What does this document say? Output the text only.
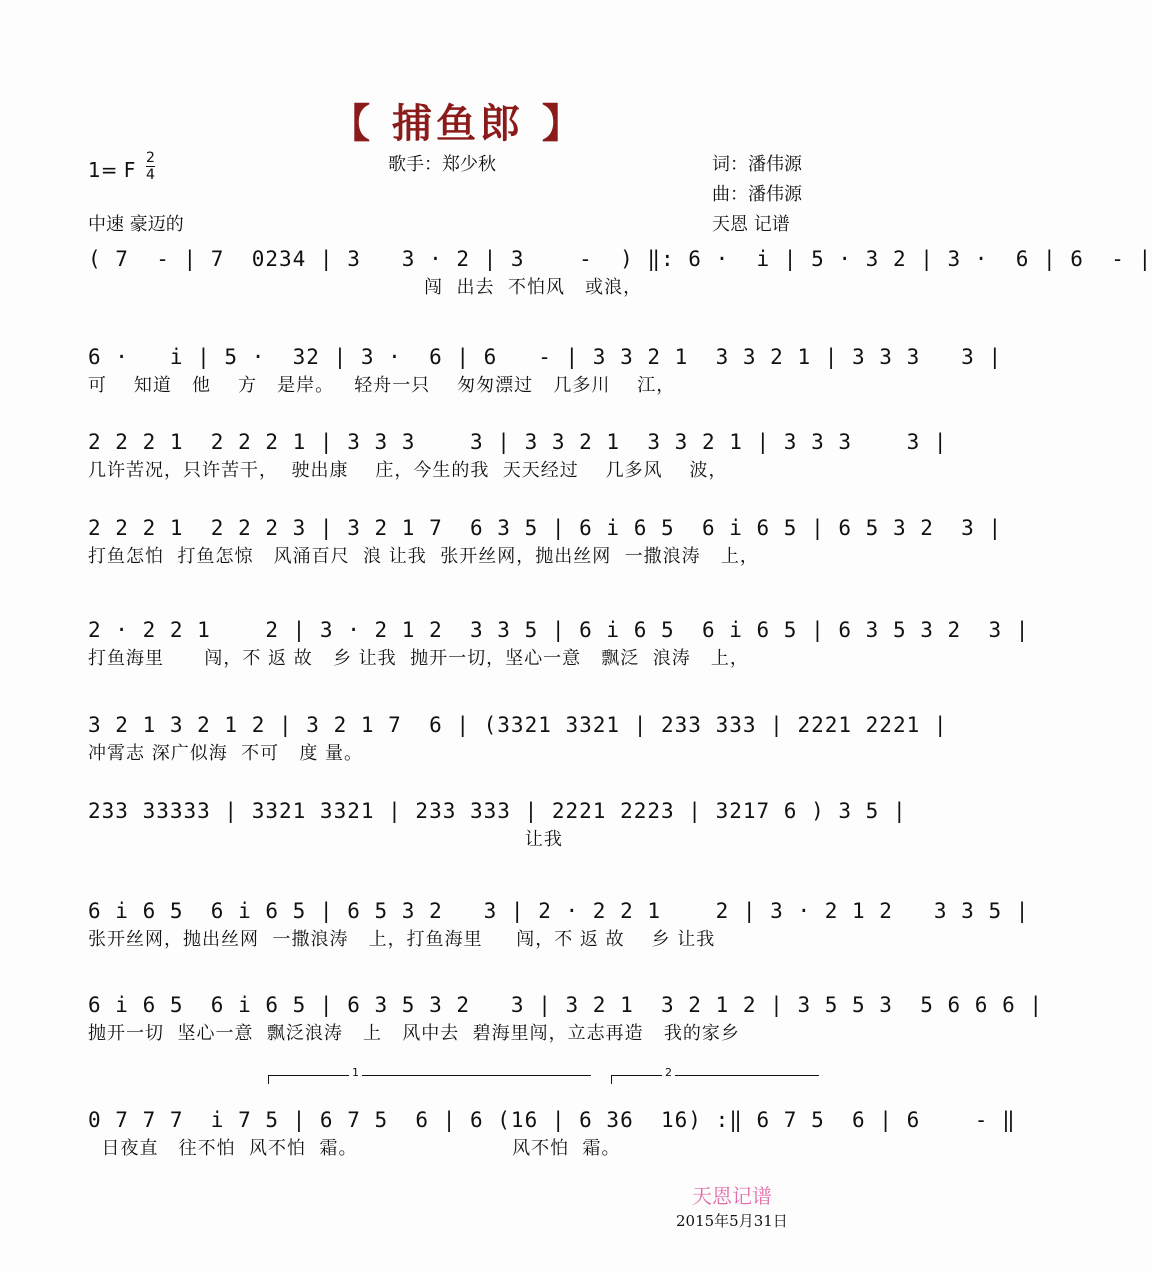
【 捕鱼郎 】
1= F $\frac{2}{4}$	歌手：郑少秋	词：潘伟源
曲：潘伟源
中速 豪迈的	天恩 记谱
( 7  - | 7  0234 | 3   3 · 2 | 3    -  ) ‖: 6 ·  i | 5 · 3 2 | 3 ·  6 | 6  - |
闯  出去  不怕风   或浪，
6 ·   i | 5 ·  32 | 3 ·  6 | 6   - | 3 3 2 1  3 3 2 1 | 3 3 3   3 |
可    知道   他    方   是岸。   轻舟一只    匆匆漂过   几多川    江，
2 2 2 1  2 2 2 1 | 3 3 3    3 | 3 3 2 1  3 3 2 1 | 3 3 3    3 |
几许苦况，只许苦干，  驶出康    庄，今生的我  天天经过    几多风    波，
2 2 2 1  2 2 2 3 | 3 2 1 7  6 3 5 | 6 i 6 5  6 i 6 5 | 6 5 3 2  3 |
打鱼怎怕  打鱼怎惊   风涌百尺  浪 让我  张开丝网，抛出丝网  一撒浪涛   上，
2 · 2 2 1    2 | 3 · 2 1 2  3 3 5 | 6 i 6 5  6 i 6 5 | 6 3 5 3 2  3 |
打鱼海里      闯，不 返 故   乡 让我  抛开一切，坚心一意   飘泛  浪涛   上，
3 2 1 3 2 1 2 | 3 2 1 7  6 | (3321 3321 | 233 333 | 2221 2221 |
冲霄志 深广似海  不可   度 量。
233 33333 | 3321 3321 | 233 333 | 2221 2223 | 3217 6 ) 3 5 |
让我
6 i 6 5  6 i 6 5 | 6 5 3 2   3 | 2 · 2 2 1    2 | 3 · 2 1 2   3 3 5 |
张开丝网，抛出丝网  一撒浪涛   上，打鱼海里     闯，不 返 故    乡 让我
6 i 6 5  6 i 6 5 | 6 3 5 3 2   3 | 3 2 1  3 2 1 2 | 3 5 5 3  5 6 6 6 |
抛开一切  坚心一意  飘泛浪涛   上   风中去  碧海里闯，立志再造   我的家乡
1	2
0 7 7 7  i 7 5 | 6 7 5  6 | 6 (16 | 6 36  16) :‖ 6 7 5  6 | 6    - ‖
日夜直   往不怕  风不怕  霜。                       风不怕  霜。
天恩记谱
2015年5月31日
